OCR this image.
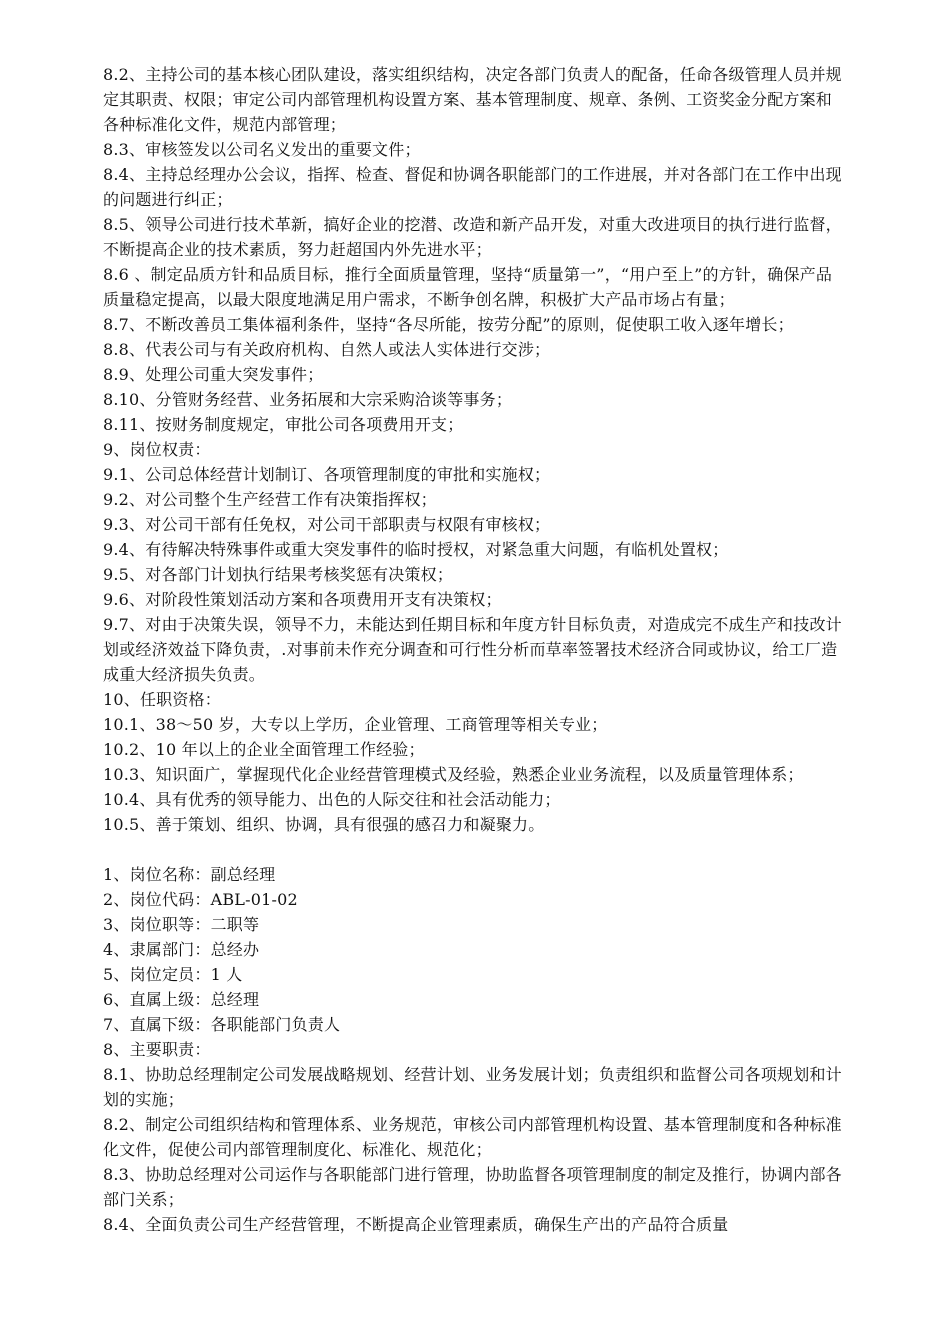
8.2、主持公司的基本核心团队建设，落实组织结构，决定各部门负责人的配备，任命各级管理人员并规定其职责、权限；审定公司内部管理机构设置方案、基本管理制度、规章、条例、工资奖金分配方案和各种标准化文件，规范内部管理；

8.3、审核签发以公司名义发出的重要文件；

8.4、主持总经理办公会议，指挥、检查、督促和协调各职能部门的工作进展，并对各部门在工作中出现的问题进行纠正；

8.5、领导公司进行技术革新，搞好企业的挖潜、改造和新产品开发，对重大改进项目的执行进行监督，不断提高企业的技术素质，努力赶超国内外先进水平；

8.6 、制定品质方针和品质目标，推行全面质量管理，坚持“质量第一”，“用户至上”的方针，确保产品质量稳定提高，以最大限度地满足用户需求，不断争创名牌，积极扩大产品市场占有量；

8.7、不断改善员工集体福利条件，坚持“各尽所能，按劳分配”的原则，促使职工收入逐年增长；

8.8、代表公司与有关政府机构、自然人或法人实体进行交涉；

8.9、处理公司重大突发事件；

8.10、分管财务经营、业务拓展和大宗采购洽谈等事务；

8.11、按财务制度规定，审批公司各项费用开支；

9、岗位权责：

9.1、公司总体经营计划制订、各项管理制度的审批和实施权；

9.2、对公司整个生产经营工作有决策指挥权；

9.3、对公司干部有任免权，对公司干部职责与权限有审核权；

9.4、有待解决特殊事件或重大突发事件的临时授权，对紧急重大问题，有临机处置权；

9.5、对各部门计划执行结果考核奖惩有决策权；

9.6、对阶段性策划活动方案和各项费用开支有决策权；

9.7、对由于决策失误，领导不力，未能达到任期目标和年度方针目标负责，对造成完不成生产和技改计划或经济效益下降负责，.对事前未作充分调查和可行性分析而草率签署技术经济合同或协议，给工厂造成重大经济损失负责。

10、任职资格：

10.1、38～50 岁，大专以上学历，企业管理、工商管理等相关专业；

10.2、10 年以上的企业全面管理工作经验；

10.3、知识面广，掌握现代化企业经营管理模式及经验，熟悉企业业务流程，以及质量管理体系；

10.4、具有优秀的领导能力、出色的人际交往和社会活动能力；

10.5、善于策划、组织、协调，具有很强的感召力和凝聚力。

1、岗位名称：副总经理

2、岗位代码：ABL-01-02

3、岗位职等：二职等

4、隶属部门：总经办

5、岗位定员：1 人

6、直属上级：总经理

7、直属下级：各职能部门负责人

8、主要职责：

8.1、协助总经理制定公司发展战略规划、经营计划、业务发展计划；负责组织和监督公司各项规划和计划的实施；

8.2、制定公司组织结构和管理体系、业务规范，审核公司内部管理机构设置、基本管理制度和各种标准化文件，促使公司内部管理制度化、标准化、规范化；

8.3、协助总经理对公司运作与各职能部门进行管理，协助监督各项管理制度的制定及推行，协调内部各部门关系；

8.4、全面负责公司生产经营管理，不断提高企业管理素质，确保生产出的产品符合质量
